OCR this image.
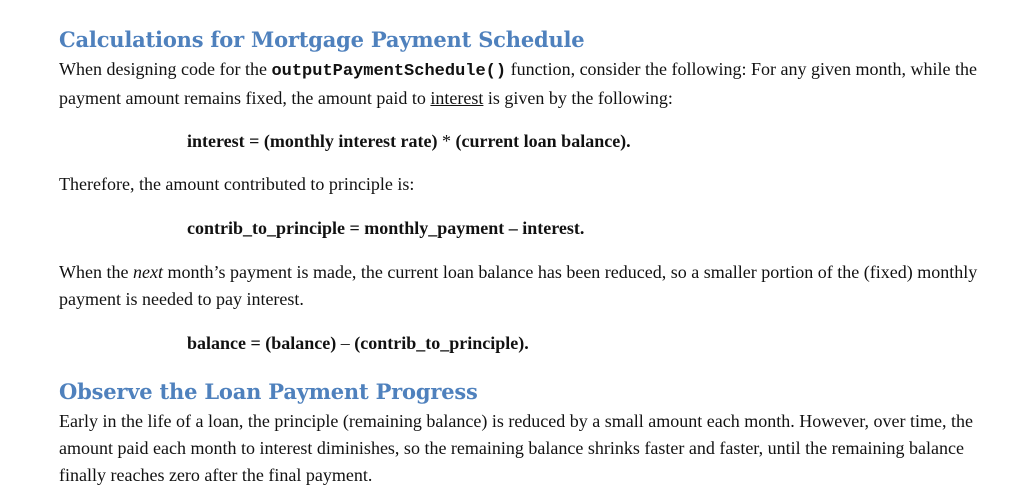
Calculations for Mortgage Payment Schedule

When designing code for the outputPaymentSchedule() function, consider the following: For any given month, while the payment amount remains fixed, the amount paid to interest is given by the following:

interest = (monthly interest rate) * (current loan balance).

Therefore, the amount contributed to principle is:

contrib_to_principle = monthly_payment – interest.

When the next month’s payment is made, the current loan balance has been reduced, so a smaller portion of the (fixed) monthly payment is needed to pay interest.

balance = (balance) – (contrib_to_principle).

Observe the Loan Payment Progress

Early in the life of a loan, the principle (remaining balance) is reduced by a small amount each month. However, over time, the amount paid each month to interest diminishes, so the remaining balance shrinks faster and faster, until the remaining balance finally reaches zero after the final payment.
